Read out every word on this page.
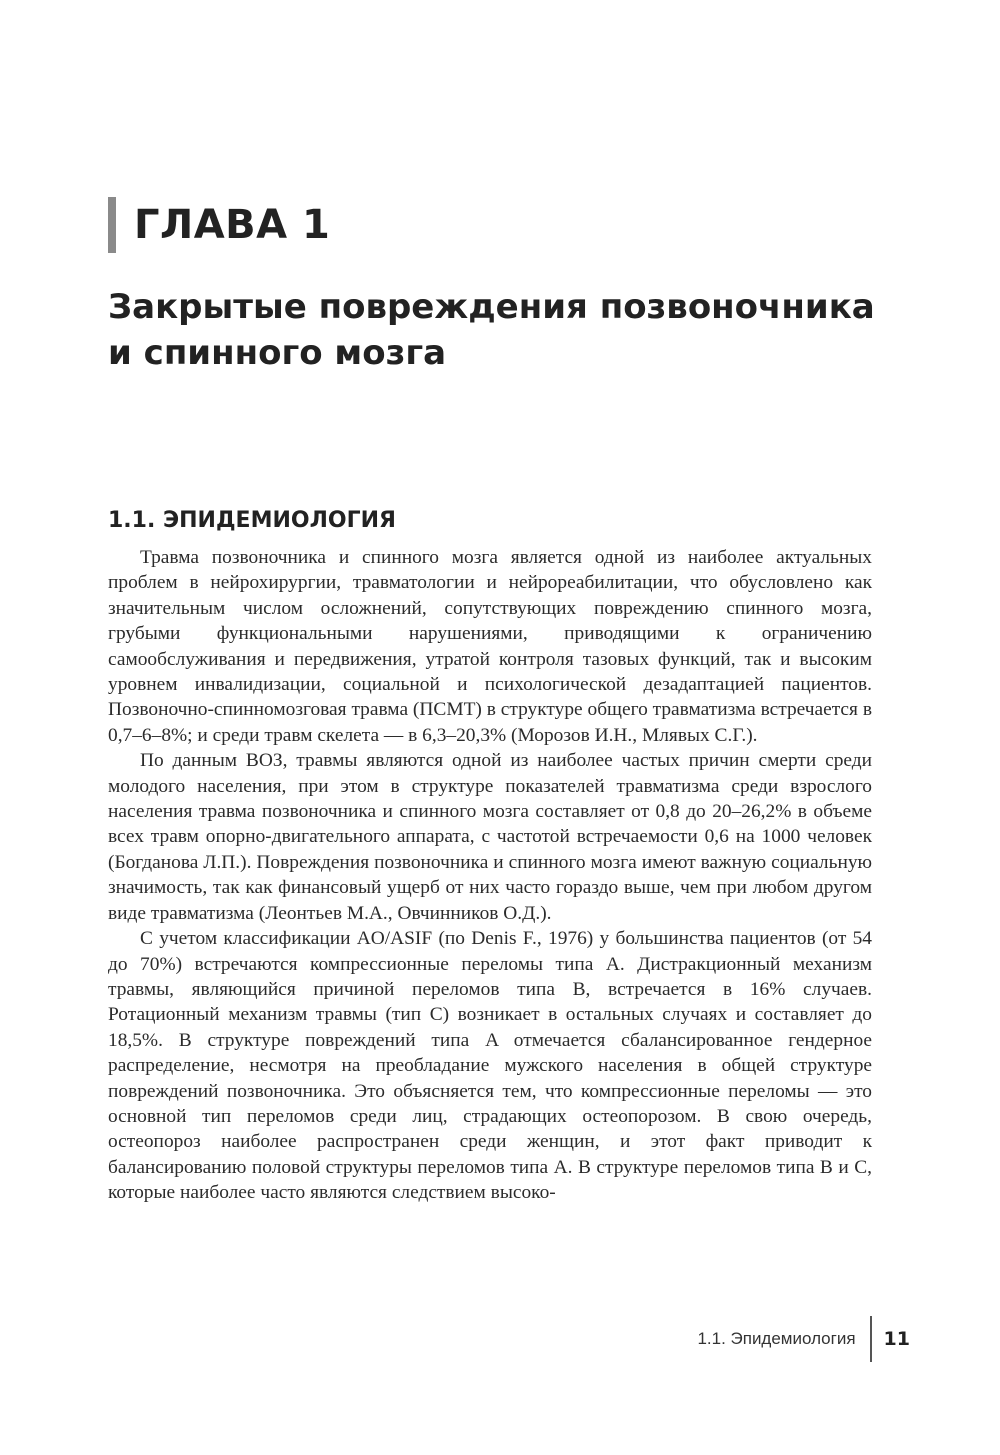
ГЛАВА 1
Закрытые повреждения позвоночника
и спинного мозга
1.1. ЭПИДЕМИОЛОГИЯ

Травма позвоночника и спинного мозга является одной из наиболее актуальных проблем в нейрохирургии, травматологии и нейрореабилитации, что обусловлено как значительным числом осложнений, сопутствующих повреждению спинного мозга, грубыми функциональными нарушениями, приводящими к ограничению самообслуживания и передвижения, утратой контроля тазовых функций, так и высоким уровнем инвалидизации, социальной и психологической дезадаптацией пациентов. Позвоночно-спинномозговая травма (ПСМТ) в структуре общего травматизма встречается в 0,7–6–8%; и среди травм скелета — в 6,3–20,3% (Морозов И.Н., Млявых С.Г.).

По данным ВОЗ, травмы являются одной из наиболее частых причин смерти среди молодого населения, при этом в структуре показателей травматизма среди взрослого населения травма позвоночника и спинного мозга составляет от 0,8 до 20–26,2% в объеме всех травм опорно-двигательного аппарата, с частотой встречаемости 0,6 на 1000 человек (Богданова Л.П.). Повреждения позвоночника и спинного мозга имеют важную социальную значимость, так как финансовый ущерб от них часто гораздо выше, чем при любом другом виде травматизма (Леонтьев М.А., Овчинников О.Д.).

С учетом классификации AO/ASIF (по Denis F., 1976) у большинства пациентов (от 54 до 70%) встречаются компрессионные переломы типа A. Дистракционный механизм травмы, являющийся причиной переломов типа B, встречается в 16% случаев. Ротационный механизм травмы (тип C) возникает в остальных случаях и составляет до 18,5%. В структуре повреждений типа A отмечается сбалансированное гендерное распределение, несмотря на преобладание мужского населения в общей структуре повреждений позвоночника. Это объясняется тем, что компрессионные переломы — это основной тип переломов среди лиц, страдающих остеопорозом. В свою очередь, остеопороз наиболее распространен среди женщин, и этот факт приводит к балансированию половой структуры переломов типа A. В структуре переломов типа B и C, которые наиболее часто являются следствием высоко-

1.1. Эпидемиология 11
